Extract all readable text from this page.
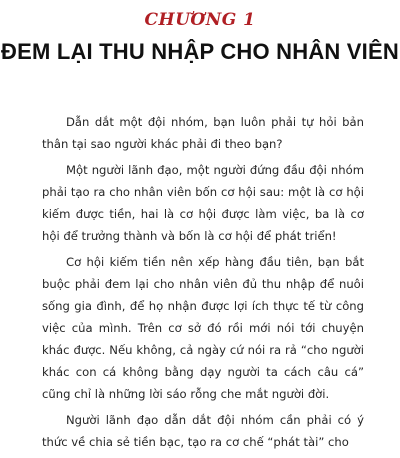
CHƯƠNG 1
ĐEM LẠI THU NHẬP CHO NHÂN VIÊN

Dẫn dắt một đội nhóm, bạn luôn phải tự hỏi bản thân tại sao người khác phải đi theo bạn?

Một người lãnh đạo, một người đứng đầu đội nhóm phải tạo ra cho nhân viên bốn cơ hội sau: một là cơ hội kiếm được tiền, hai là cơ hội được làm việc, ba là cơ hội để trưởng thành và bốn là cơ hội để phát triển!

Cơ hội kiếm tiền nên xếp hàng đầu tiên, bạn bắt buộc phải đem lại cho nhân viên đủ thu nhập để nuôi sống gia đình, để họ nhận được lợi ích thực tế từ công việc của mình. Trên cơ sở đó rồi mới nói tới chuyện khác được. Nếu không, cả ngày cứ nói ra rả “cho người khác con cá không bằng dạy người ta cách câu cá” cũng chỉ là những lời sáo rỗng che mắt người đời.

Người lãnh đạo dẫn dắt đội nhóm cần phải có ý thức về chia sẻ tiền bạc, tạo ra cơ chế “phát tài” cho
